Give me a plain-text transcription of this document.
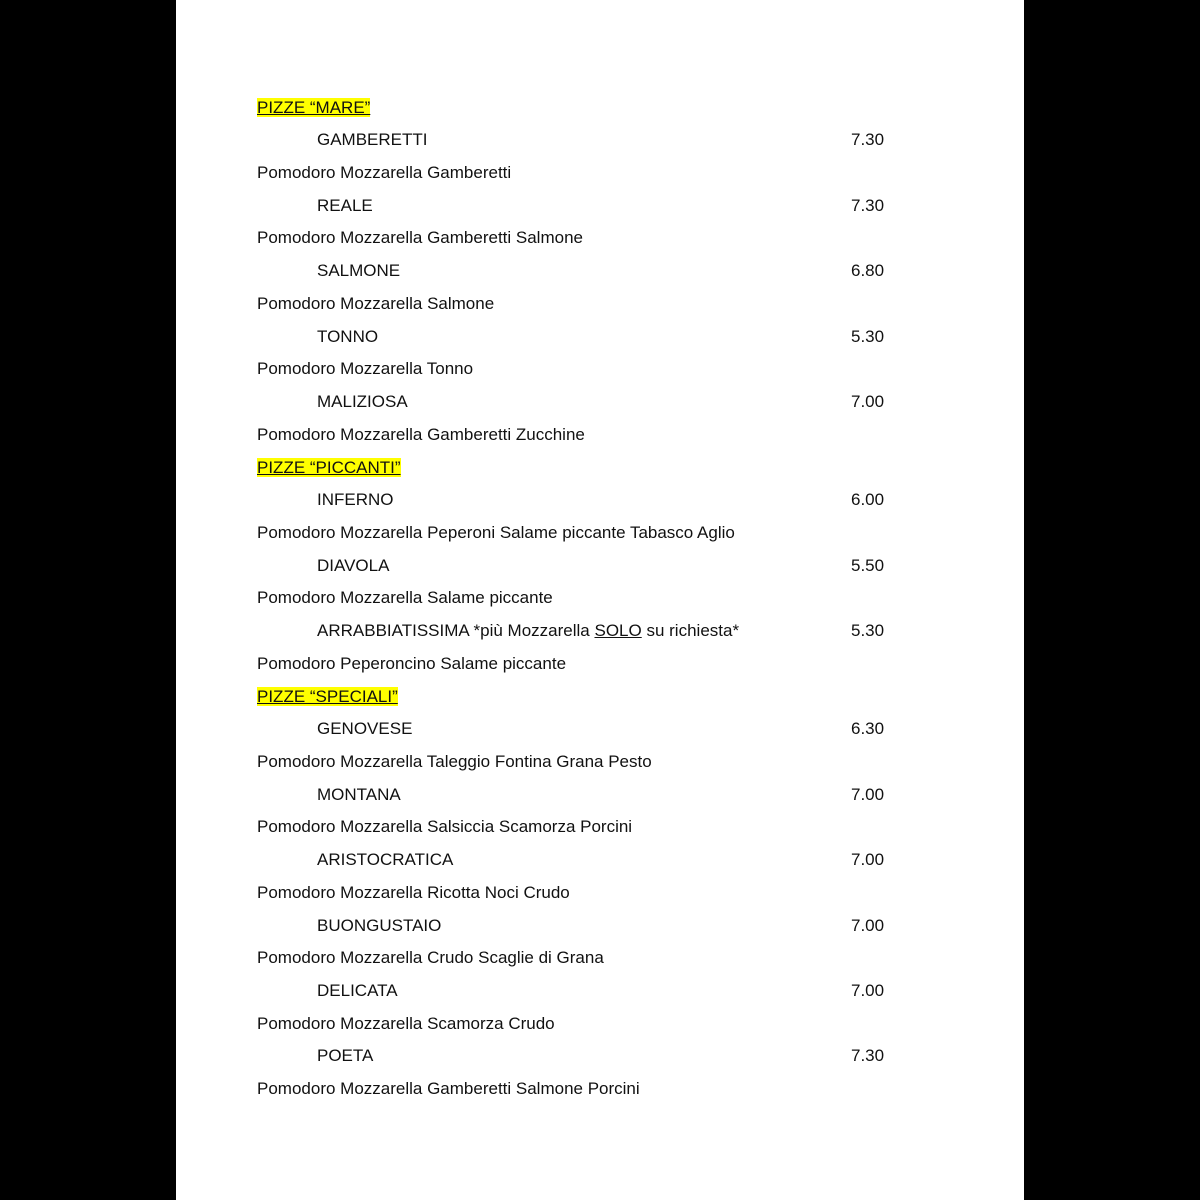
PIZZE “MARE”
GAMBERETTI	7.30
Pomodoro Mozzarella Gamberetti
REALE	7.30
Pomodoro Mozzarella Gamberetti Salmone
SALMONE	6.80
Pomodoro Mozzarella Salmone
TONNO	5.30
Pomodoro Mozzarella Tonno
MALIZIOSA	7.00
Pomodoro Mozzarella Gamberetti Zucchine
PIZZE “PICCANTI”
INFERNO	6.00
Pomodoro Mozzarella Peperoni Salame piccante Tabasco Aglio
DIAVOLA	5.50
Pomodoro Mozzarella Salame piccante
ARRABBIATISSIMA *più Mozzarella SOLO su richiesta*	5.30
Pomodoro Peperoncino Salame piccante
PIZZE “SPECIALI”
GENOVESE	6.30
Pomodoro Mozzarella Taleggio Fontina Grana Pesto
MONTANA	7.00
Pomodoro Mozzarella Salsiccia Scamorza Porcini
ARISTOCRATICA	7.00
Pomodoro Mozzarella Ricotta Noci Crudo
BUONGUSTAIO	7.00
Pomodoro Mozzarella Crudo Scaglie di Grana
DELICATA	7.00
Pomodoro Mozzarella Scamorza Crudo
POETA	7.30
Pomodoro Mozzarella Gamberetti Salmone Porcini
